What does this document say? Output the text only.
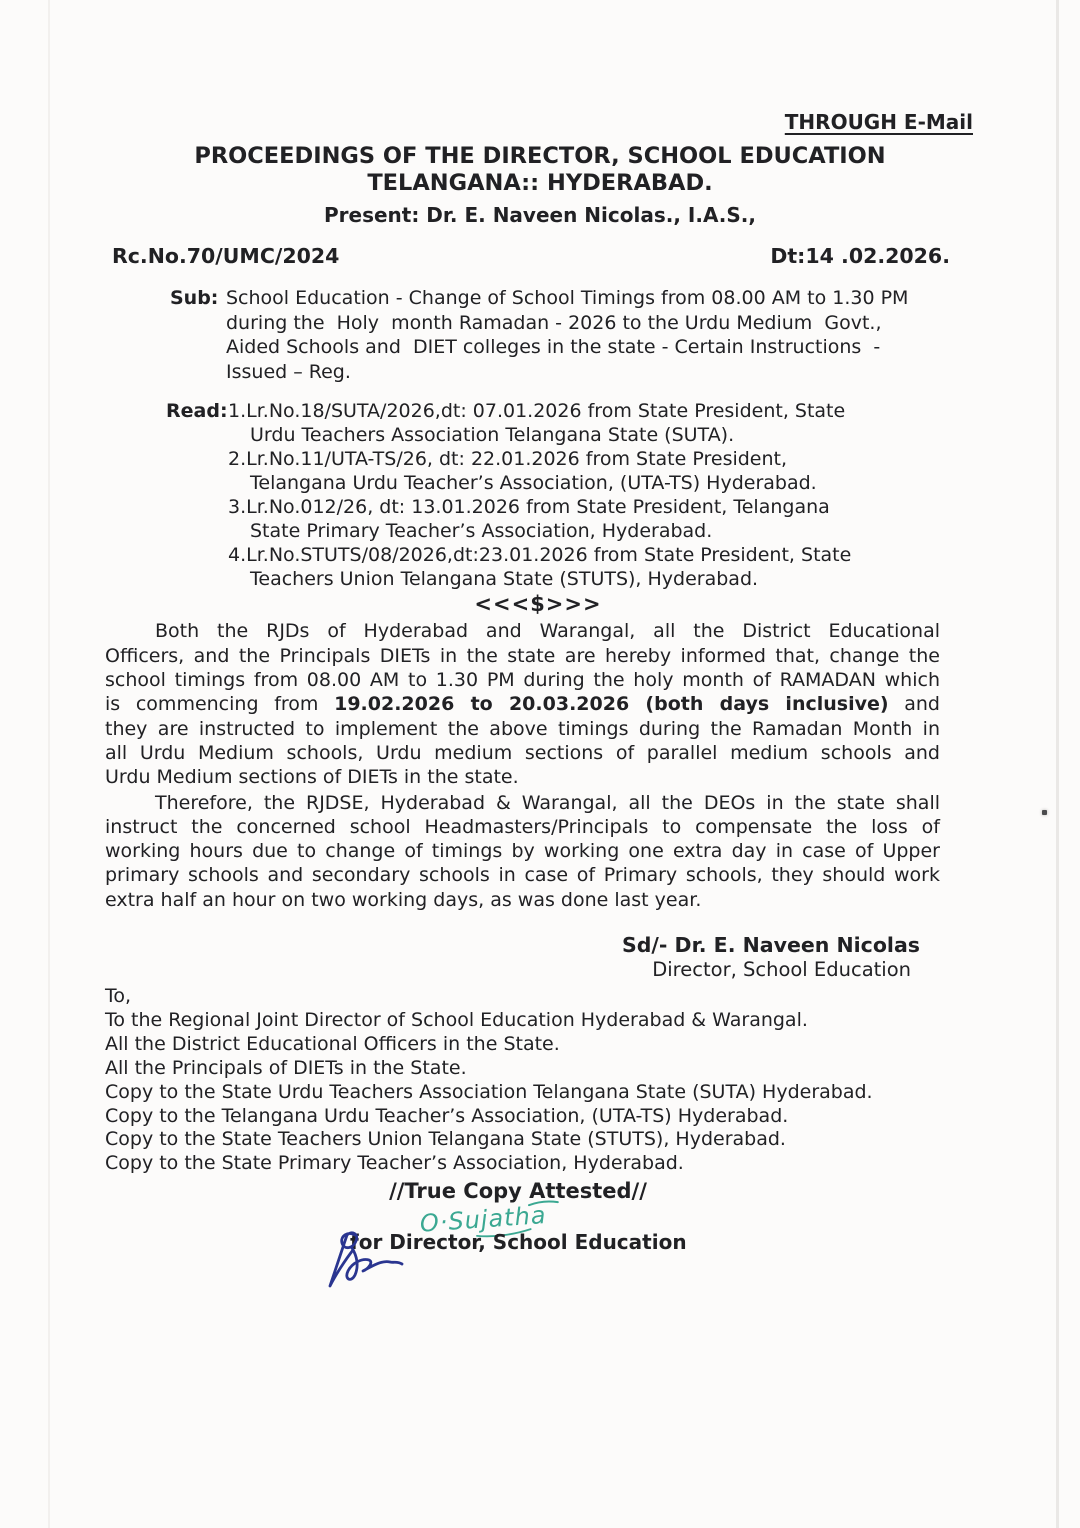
THROUGH E-Mail
PROCEEDINGS OF THE DIRECTOR, SCHOOL EDUCATION
TELANGANA:: HYDERABAD.
Present: Dr. E. Naveen Nicolas., I.A.S.,
Rc.No.70/UMC/2024	Dt:14 .02.2026.
Sub: School Education - Change of School Timings from 08.00 AM to 1.30 PM
during the  Holy  month Ramadan - 2026 to the Urdu Medium  Govt.,
Aided Schools and  DIET colleges in the state - Certain Instructions  -
Issued – Reg.
Read: 1.Lr.No.18/SUTA/2026,dt: 07.01.2026 from State President, State
Urdu Teachers Association Telangana State (SUTA).
2.Lr.No.11/UTA-TS/26, dt: 22.01.2026 from State President,
Telangana Urdu Teacher’s Association, (UTA-TS) Hyderabad.
3.Lr.No.012/26, dt: 13.01.2026 from State President, Telangana
State Primary Teacher’s Association, Hyderabad.
4.Lr.No.STUTS/08/2026,dt:23.01.2026 from State President, State
Teachers Union Telangana State (STUTS), Hyderabad.
<<<$>>>
Both the RJDs of Hyderabad and Warangal, all the District Educational
Officers, and the Principals DIETs in the state are hereby informed that, change the
school timings from 08.00 AM to 1.30 PM during the holy month of RAMADAN which
is commencing from 19.02.2026 to 20.03.2026 (both days inclusive) and
they are instructed to implement the above timings during the Ramadan Month in
all Urdu Medium schools, Urdu medium sections of parallel medium schools and
Urdu Medium sections of DIETs in the state.
Therefore, the RJDSE, Hyderabad & Warangal, all the DEOs in the state shall
instruct the concerned school Headmasters/Principals to compensate the loss of
working hours due to change of timings by working one extra day in case of Upper
primary schools and secondary schools in case of Primary schools, they should work
extra half an hour on two working days, as was done last year.
Sd/- Dr. E. Naveen Nicolas
Director, School Education
To,
To the Regional Joint Director of School Education Hyderabad & Warangal.
All the District Educational Officers in the State.
All the Principals of DIETs in the State.
Copy to the State Urdu Teachers Association Telangana State (SUTA) Hyderabad.
Copy to the Telangana Urdu Teacher’s Association, (UTA-TS) Hyderabad.
Copy to the State Teachers Union Telangana State (STUTS), Hyderabad.
Copy to the State Primary Teacher’s Association, Hyderabad.
//True Copy Attested//
O·Sujatha
for Director, School Education
